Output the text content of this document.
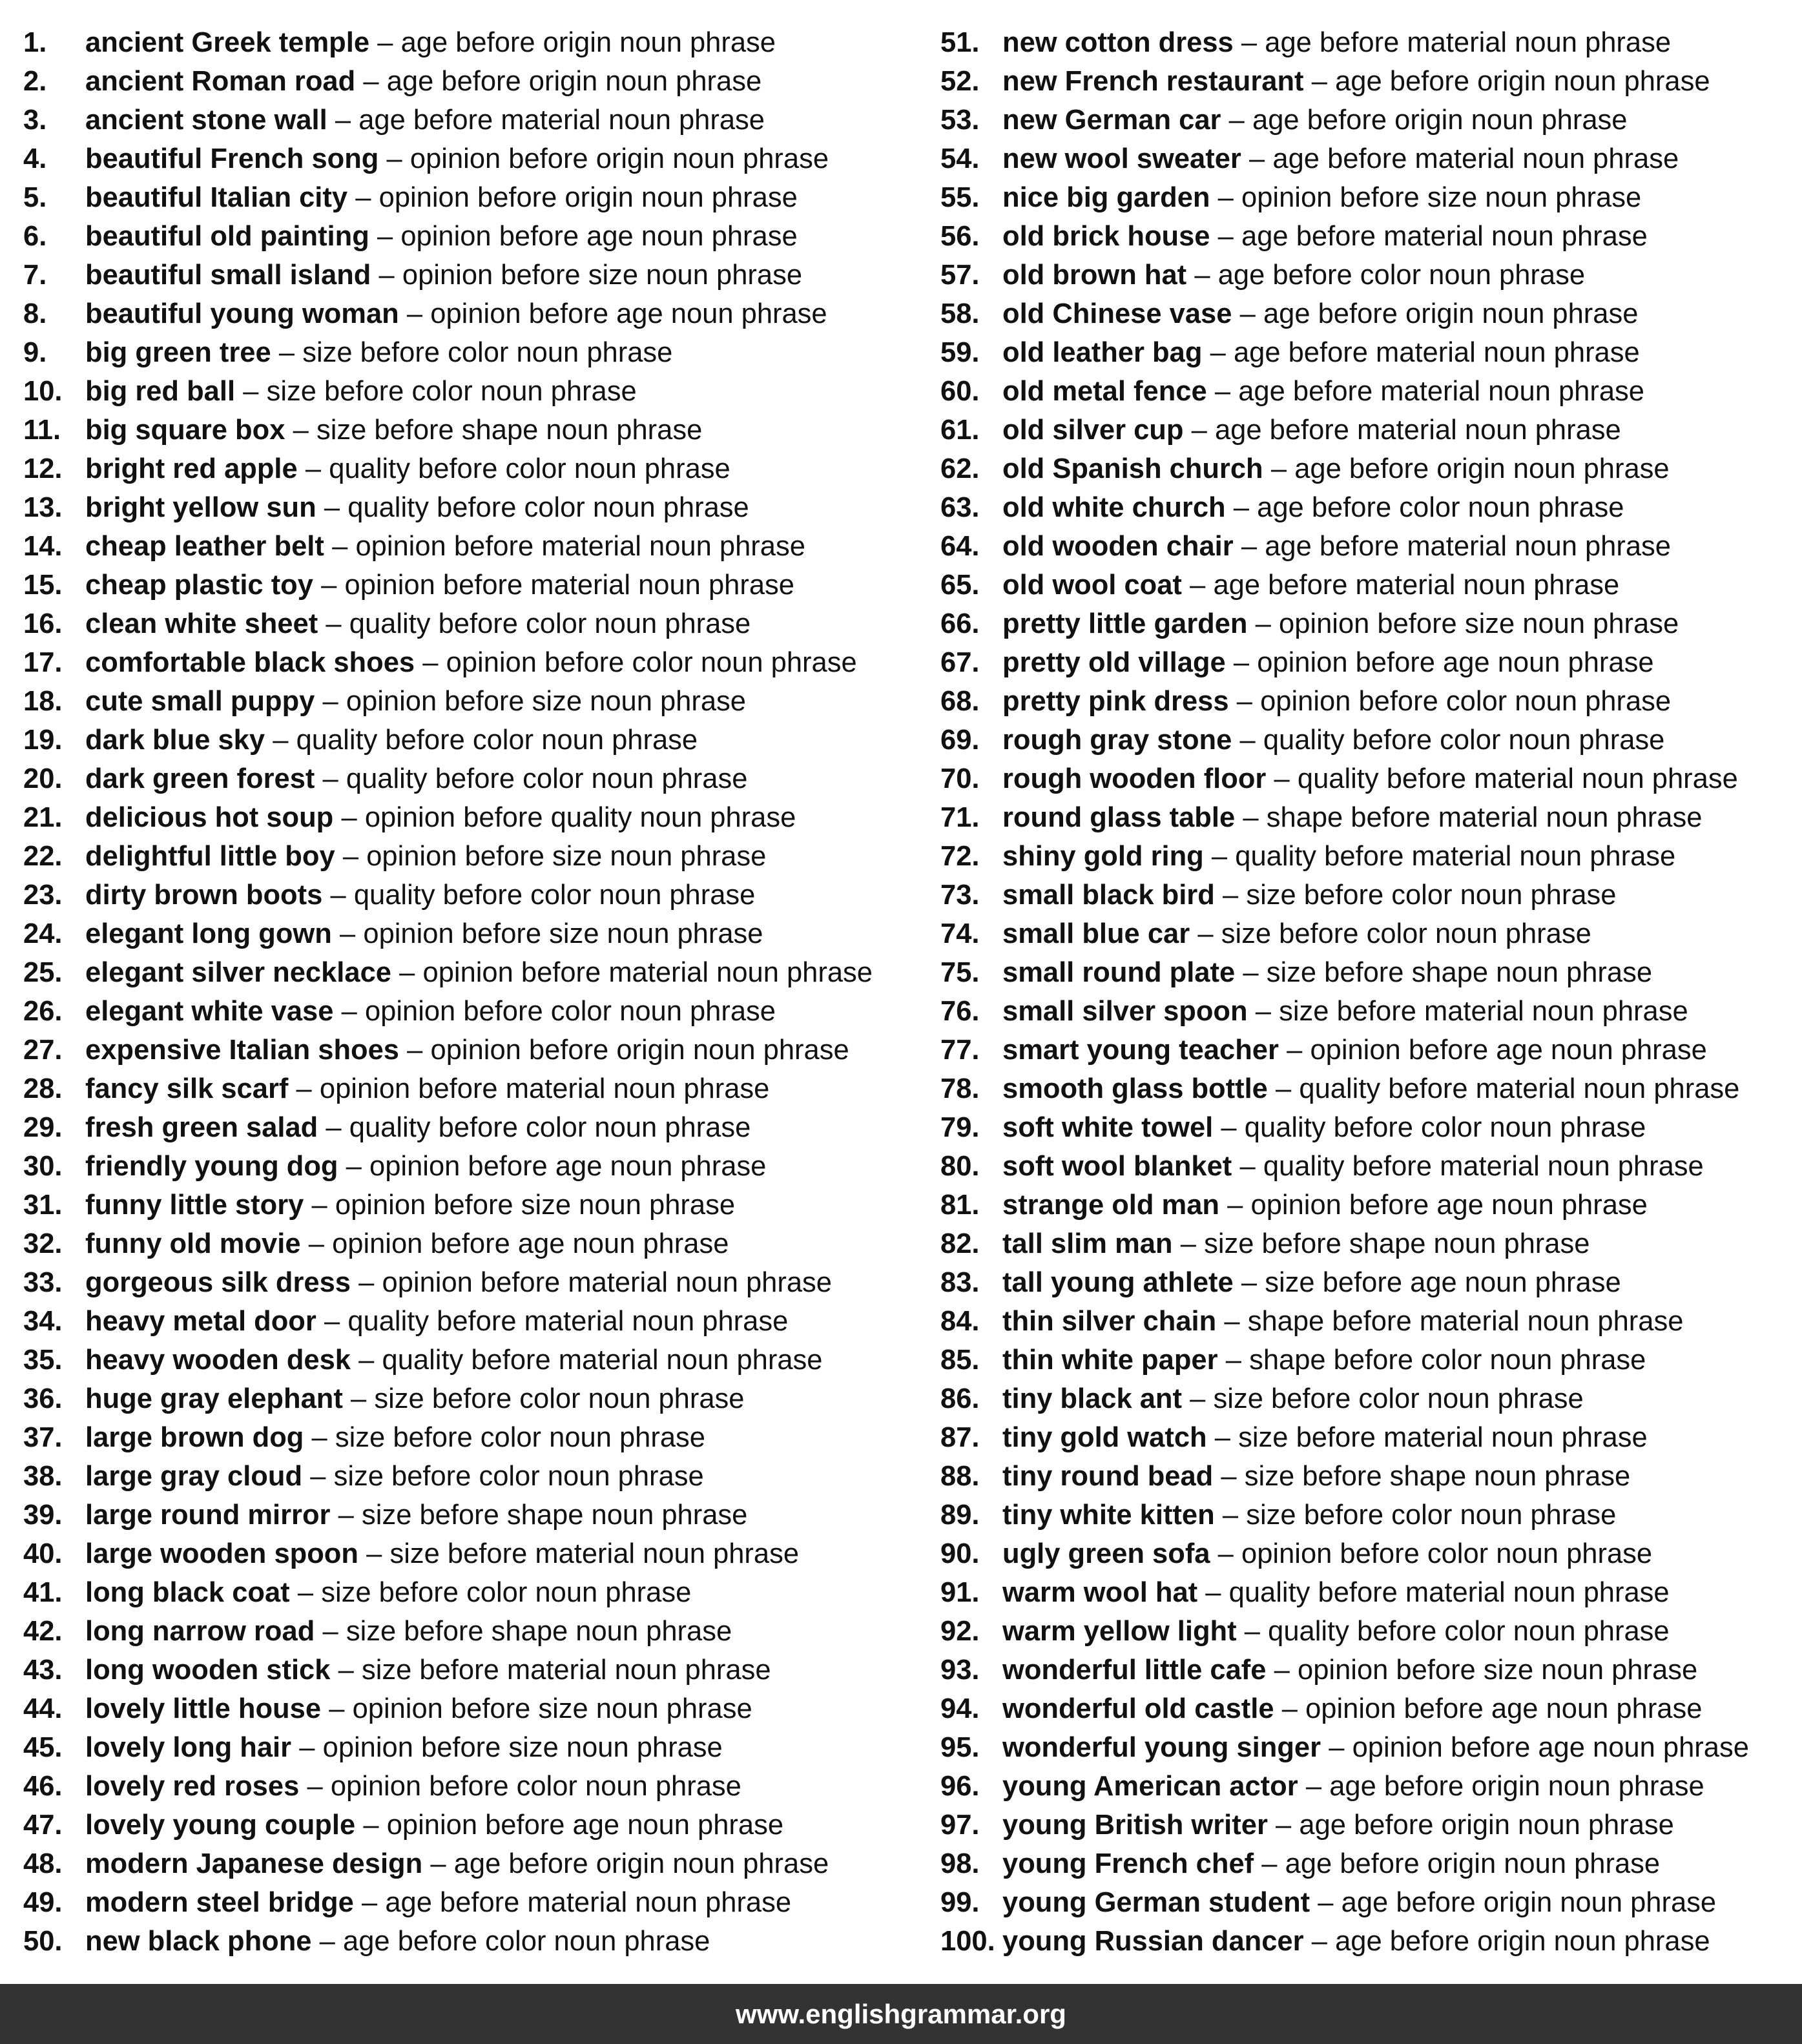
1.	ancient Greek temple – age before origin noun phrase
2.	ancient Roman road – age before origin noun phrase
3.	ancient stone wall – age before material noun phrase
4.	beautiful French song – opinion before origin noun phrase
5.	beautiful Italian city – opinion before origin noun phrase
6.	beautiful old painting – opinion before age noun phrase
7.	beautiful small island – opinion before size noun phrase
8.	beautiful young woman – opinion before age noun phrase
9.	big green tree – size before color noun phrase
10. big red ball – size before color noun phrase
11. big square box – size before shape noun phrase
12. bright red apple – quality before color noun phrase
13. bright yellow sun – quality before color noun phrase
14. cheap leather belt – opinion before material noun phrase
15. cheap plastic toy – opinion before material noun phrase
16. clean white sheet – quality before color noun phrase
17. comfortable black shoes – opinion before color noun phrase
18. cute small puppy – opinion before size noun phrase
19. dark blue sky – quality before color noun phrase
20. dark green forest – quality before color noun phrase
21. delicious hot soup – opinion before quality noun phrase
22. delightful little boy – opinion before size noun phrase
23. dirty brown boots – quality before color noun phrase
24. elegant long gown – opinion before size noun phrase
25. elegant silver necklace – opinion before material noun phrase
26. elegant white vase – opinion before color noun phrase
27. expensive Italian shoes – opinion before origin noun phrase
28. fancy silk scarf – opinion before material noun phrase
29. fresh green salad – quality before color noun phrase
30. friendly young dog – opinion before age noun phrase
31. funny little story – opinion before size noun phrase
32. funny old movie – opinion before age noun phrase
33. gorgeous silk dress – opinion before material noun phrase
34. heavy metal door – quality before material noun phrase
35. heavy wooden desk – quality before material noun phrase
36. huge gray elephant – size before color noun phrase
37. large brown dog – size before color noun phrase
38. large gray cloud – size before color noun phrase
39. large round mirror – size before shape noun phrase
40. large wooden spoon – size before material noun phrase
41. long black coat – size before color noun phrase
42. long narrow road – size before shape noun phrase
43. long wooden stick – size before material noun phrase
44. lovely little house – opinion before size noun phrase
45. lovely long hair – opinion before size noun phrase
46. lovely red roses – opinion before color noun phrase
47. lovely young couple – opinion before age noun phrase
48. modern Japanese design – age before origin noun phrase
49. modern steel bridge – age before material noun phrase
50. new black phone – age before color noun phrase
51. new cotton dress – age before material noun phrase
52. new French restaurant – age before origin noun phrase
53. new German car – age before origin noun phrase
54. new wool sweater – age before material noun phrase
55. nice big garden – opinion before size noun phrase
56. old brick house – age before material noun phrase
57. old brown hat – age before color noun phrase
58. old Chinese vase – age before origin noun phrase
59. old leather bag – age before material noun phrase
60. old metal fence – age before material noun phrase
61. old silver cup – age before material noun phrase
62. old Spanish church – age before origin noun phrase
63. old white church – age before color noun phrase
64. old wooden chair – age before material noun phrase
65. old wool coat – age before material noun phrase
66. pretty little garden – opinion before size noun phrase
67. pretty old village – opinion before age noun phrase
68. pretty pink dress – opinion before color noun phrase
69. rough gray stone – quality before color noun phrase
70. rough wooden floor – quality before material noun phrase
71. round glass table – shape before material noun phrase
72. shiny gold ring – quality before material noun phrase
73. small black bird – size before color noun phrase
74. small blue car – size before color noun phrase
75. small round plate – size before shape noun phrase
76. small silver spoon – size before material noun phrase
77. smart young teacher – opinion before age noun phrase
78. smooth glass bottle – quality before material noun phrase
79. soft white towel – quality before color noun phrase
80. soft wool blanket – quality before material noun phrase
81. strange old man – opinion before age noun phrase
82. tall slim man – size before shape noun phrase
83. tall young athlete – size before age noun phrase
84. thin silver chain – shape before material noun phrase
85. thin white paper – shape before color noun phrase
86. tiny black ant – size before color noun phrase
87. tiny gold watch – size before material noun phrase
88. tiny round bead – size before shape noun phrase
89. tiny white kitten – size before color noun phrase
90. ugly green sofa – opinion before color noun phrase
91. warm wool hat – quality before material noun phrase
92. warm yellow light – quality before color noun phrase
93. wonderful little cafe – opinion before size noun phrase
94. wonderful old castle – opinion before age noun phrase
95. wonderful young singer – opinion before age noun phrase
96. young American actor – age before origin noun phrase
97. young British writer – age before origin noun phrase
98. young French chef – age before origin noun phrase
99. young German student – age before origin noun phrase
100. young Russian dancer – age before origin noun phrase
www.englishgrammar.org
